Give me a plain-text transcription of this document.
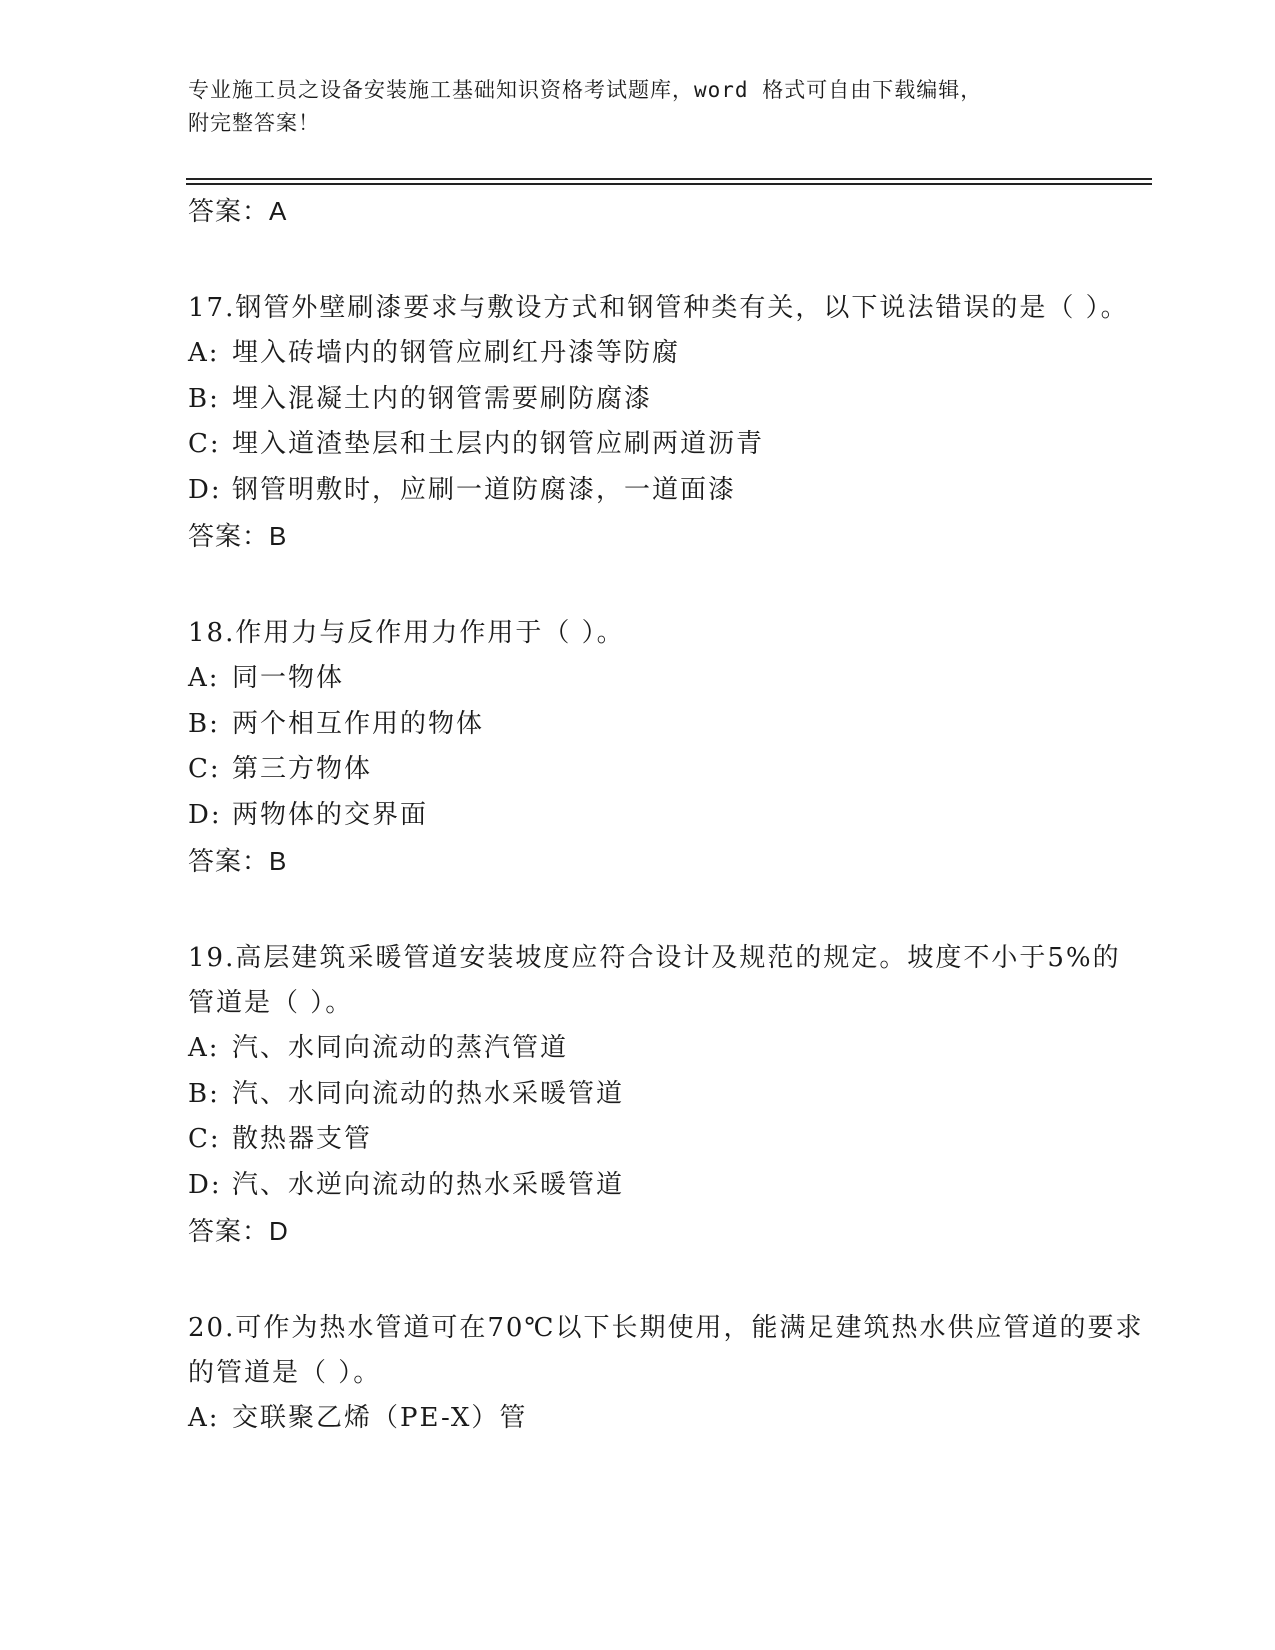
专业施工员之设备安装施工基础知识资格考试题库，word 格式可自由下载编辑，
附完整答案！
答案：A
17.钢管外壁刷漆要求与敷设方式和钢管种类有关，以下说法错误的是（ ）。
A: 埋入砖墙内的钢管应刷红丹漆等防腐
B: 埋入混凝土内的钢管需要刷防腐漆
C: 埋入道渣垫层和土层内的钢管应刷两道沥青
D: 钢管明敷时，应刷一道防腐漆，一道面漆
答案：B
18.作用力与反作用力作用于（ ）。
A: 同一物体
B: 两个相互作用的物体
C: 第三方物体
D: 两物体的交界面
答案：B
19.高层建筑采暖管道安装坡度应符合设计及规范的规定。坡度不小于5%的管道是（ ）。
A: 汽、水同向流动的蒸汽管道
B: 汽、水同向流动的热水采暖管道
C: 散热器支管
D: 汽、水逆向流动的热水采暖管道
答案：D
20.可作为热水管道可在70℃以下长期使用，能满足建筑热水供应管道的要求的管道是（ ）。
A: 交联聚乙烯（PE-X）管
